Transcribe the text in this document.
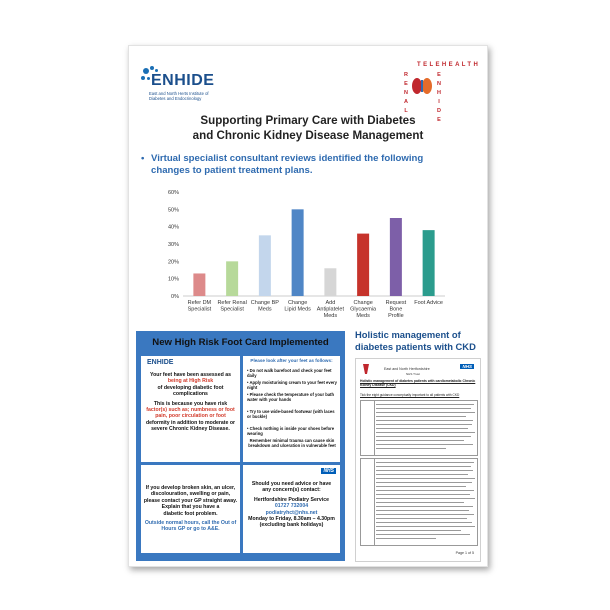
ENHIDE
East and North Herts Institute of
Diabetes and Endocrinology
TELEHEALTH
R
E
N
A
L
E
N
H
I
D
E
Supporting Primary Care with Diabetes
and Chronic Kidney Disease Management
• Virtual specialist consultant reviews identified the following
changes to patient treatment plans.
0%
10%
20%
30%
40%
50%
60%
Refer DM Specialist
Refer Renal Specialist
Change BP Meds
Change Lipid Meds
Add Antiplatelet Meds
Change Glycaemia Meds
Request Bone Profile
Foot Advice
New High Risk Foot Card Implemented
ENHIDE
Your feet have been assessed as
being at High Risk
of developing diabetic foot
complications
This is because you have risk
factor(s) such as; numbness or foot
pain, poor circulation or foot
deformity in addition to moderate or
severe Chronic Kidney Disease.
Please look after your feet as follows:
• Do not walk barefoot and check your feet daily
• Apply moisturising cream to your feet every night
• Please check the temperature of your bath water with your hands
• Try to use wide-based footwear (with laces or buckle)
• Check nothing is inside your shoes before wearing
Remember minimal trauma can cause skin breakdown and ulceration in vulnerable feet
If you develop broken skin, an ulcer,
discolouration, swelling or pain,
please contact your GP straight away.
Explain that you have a
diabetic foot problem.
Outside normal hours, call the Out of Hours GP or go to A&E.
NHS
Should you need advice or have
any concern(s) contact:
Hertfordshire Podiatry Service
01727 732004
podiatryhct@nhs.net
Monday to Friday, 8.30am – 4.30pm
(excluding bank holidays)
Holistic management of
diabetes patients with CKD
East and North Hertfordshire
NHS Trust
NHS
Holistic management of diabetes patients with cardiometabolic Chronic Kidney Disease (CKD)
Tick the eight guidance conceptually important to all patients with CKD
Page 1 of 5
